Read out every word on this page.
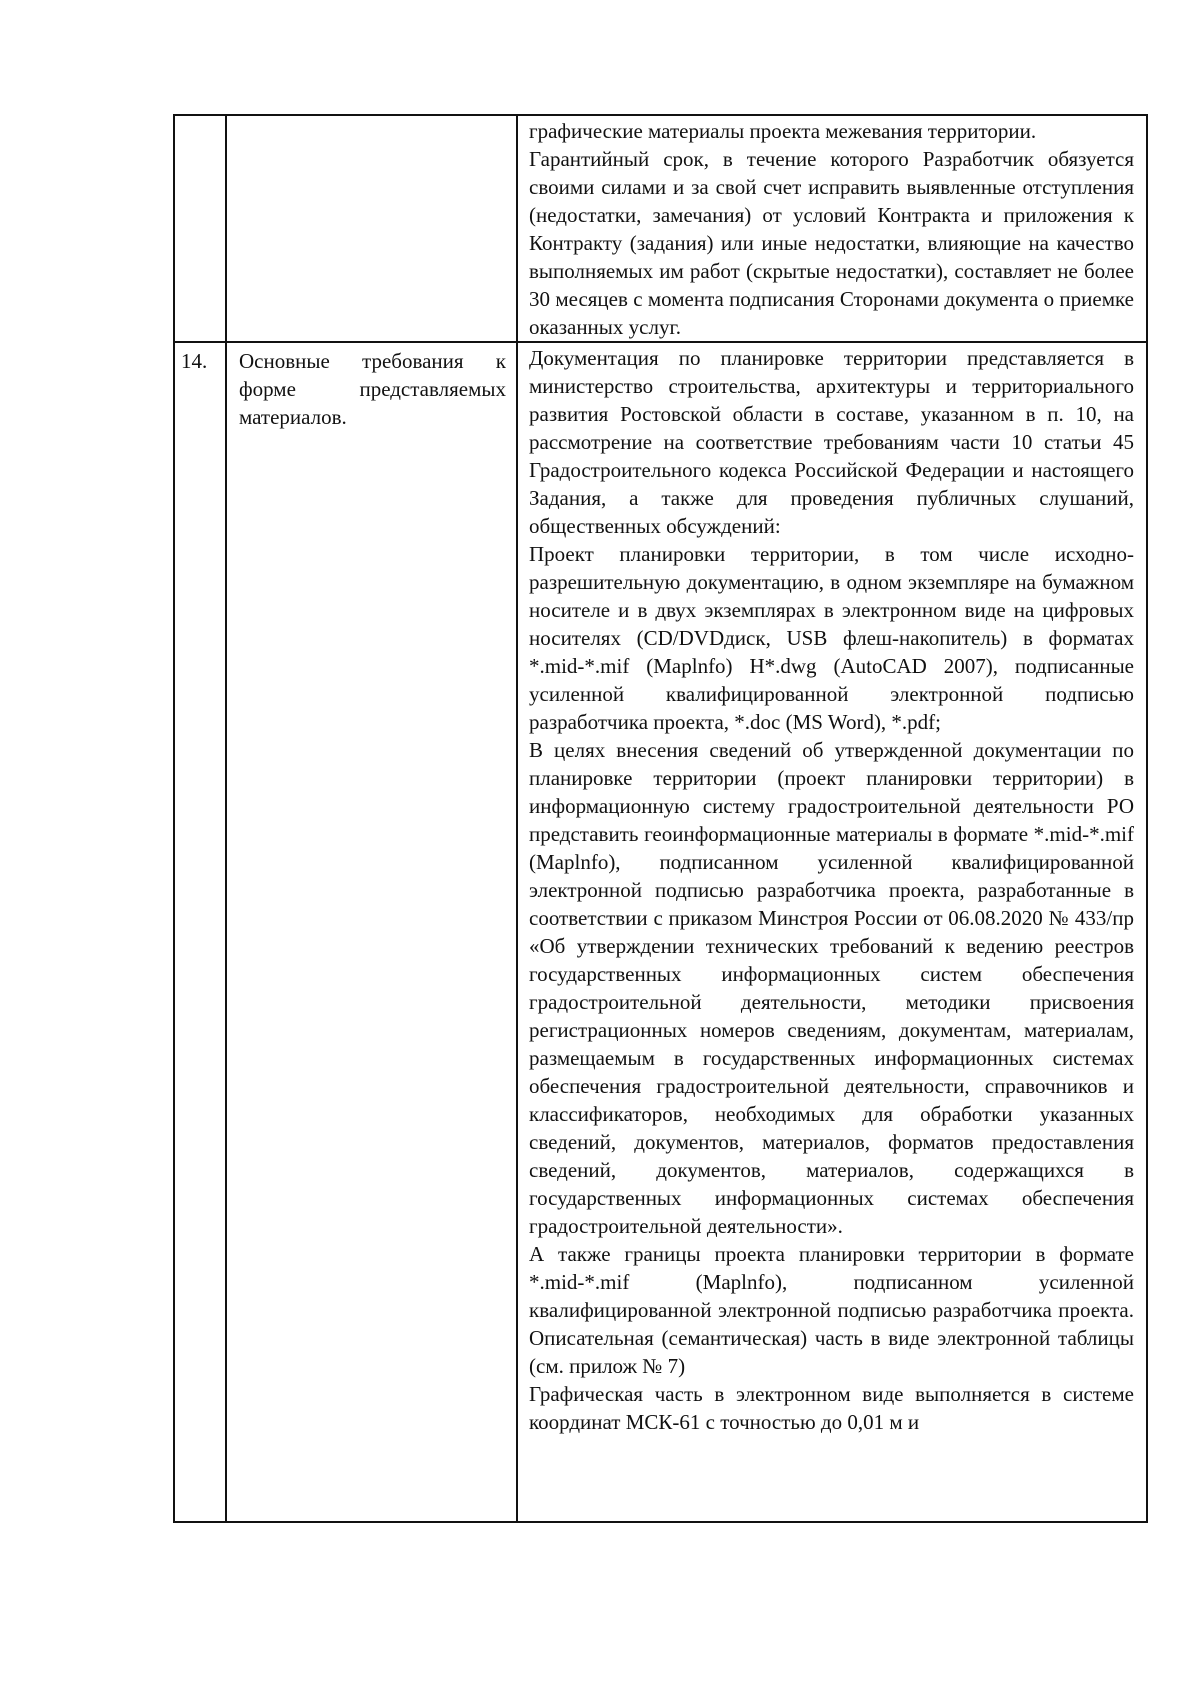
		графические материалы проекта межевания территории.

Гарантийный срок, в течение которого Разработчик обязуется своими силами и за свой счет исправить выявленные отступления (недостатки, замечания) от условий Контракта и приложения к Контракту (задания) или иные недостатки, влияющие на качество выполняемых им работ (скрытые недостатки), составляет не более 30 месяцев с момента подписания Сторонами документа о приемке оказанных услуг.

14.	Основные требования к форме представляемых материалов.	Документация по планировке территории представляется в министерство строительства, архитектуры и территориального развития Ростовской области в составе, указанном в п. 10, на рассмотрение на соответствие требованиям части 10 статьи 45 Градостроительного кодекса Российской Федерации и настоящего Задания, а также для проведения публичных слушаний, общественных обсуждений:

Проект планировки территории, в том числе исходно-разрешительную документацию, в одном экземпляре на бумажном носителе и в двух экземплярах в электронном виде на цифровых носителях (CD/DVDдиск, USB флеш-накопитель) в форматах *.mid-*.mif (Maplnfo) H*.dwg (AutoCAD 2007), подписанные усиленной квалифицированной электронной подписью разработчика проекта, *.doc (MS Word), *.pdf;

В целях внесения сведений об утвержденной документации по планировке территории (проект планировки территории) в информационную систему градостроительной деятельности РО представить геоинформационные материалы в формате *.mid-*.mif (Maplnfo), подписанном усиленной квалифицированной электронной подписью разработчика проекта, разработанные в соответствии с приказом Минстроя России от 06.08.2020 № 433/пр «Об утверждении технических требований к ведению реестров государственных информационных систем обеспечения градостроительной деятельности, методики присвоения регистрационных номеров сведениям, документам, материалам, размещаемым в государственных информационных системах обеспечения градостроительной деятельности, справочников и классификаторов, необходимых для обработки указанных сведений, документов, материалов, форматов предоставления сведений, документов, материалов, содержащихся в государственных информационных системах обеспечения градостроительной деятельности».

А также границы проекта планировки территории в формате *.mid-*.mif (Maplnfo), подписанном усиленной квалифицированной электронной подписью разработчика проекта. Описательная (семантическая) часть в виде электронной таблицы (см. прилож № 7)

Графическая часть в электронном виде выполняется в системе координат МСК-61 с точностью до 0,01 м и
